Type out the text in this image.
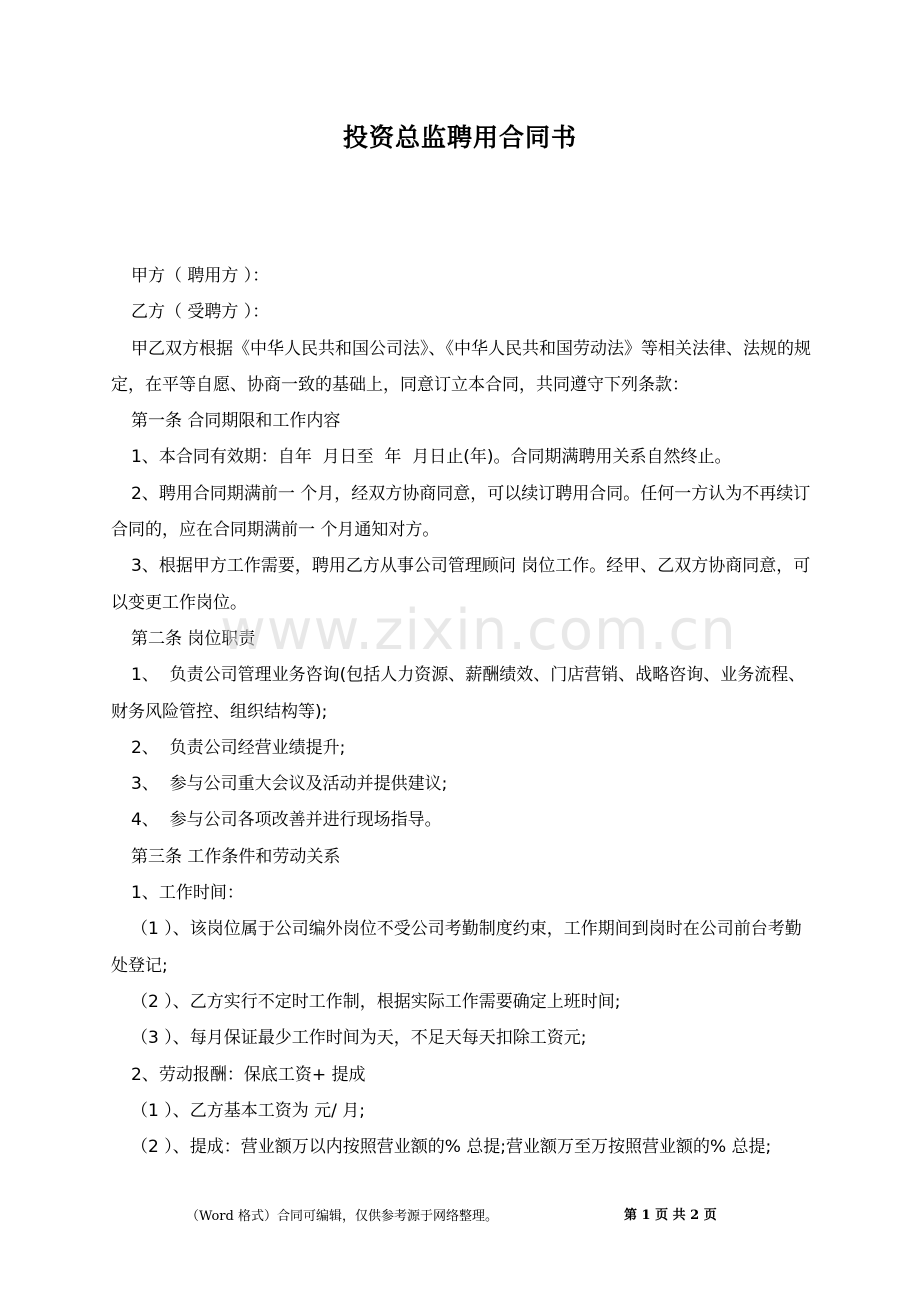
投资总监聘用合同书

甲方（ 聘用方 ）：

乙方（ 受聘方 ）：

甲乙双方根据《中华人民共和国公司法》、《中华人民共和国劳动法》等相关法律、法规的规定，在平等自愿、协商一致的基础上，同意订立本合同，共同遵守下列条款：

第一条 合同期限和工作内容

1、本合同有效期：自年  月日至  年  月日止(年)。合同期满聘用关系自然终止。

2、聘用合同期满前一 个月，经双方协商同意，可以续订聘用合同。任何一方认为不再续订合同的，应在合同期满前一 个月通知对方。

3、根据甲方工作需要，聘用乙方从事公司管理顾问 岗位工作。经甲、乙双方协商同意，可以变更工作岗位。

第二条 岗位职责

1、  负责公司管理业务咨询(包括人力资源、薪酬绩效、门店营销、战略咨询、业务流程、财务风险管控、组织结构等);

2、  负责公司经营业绩提升;

3、  参与公司重大会议及活动并提供建议;

4、  参与公司各项改善并进行现场指导。

第三条 工作条件和劳动关系

1、工作时间：

（1 ）、该岗位属于公司编外岗位不受公司考勤制度约束，工作期间到岗时在公司前台考勤处登记;

（2 ）、乙方实行不定时工作制，根据实际工作需要确定上班时间;

（3 ）、每月保证最少工作时间为天，不足天每天扣除工资元;

2、劳动报酬：保底工资+ 提成

（1 ）、乙方基本工资为 元/ 月;

（2 ）、提成：营业额万以内按照营业额的% 总提;营业额万至万按照营业额的% 总提;

www.zixin.com.cn
（Word 格式）合同可编辑，仅供参考源于网络整理。	第 1 页 共 2 页
